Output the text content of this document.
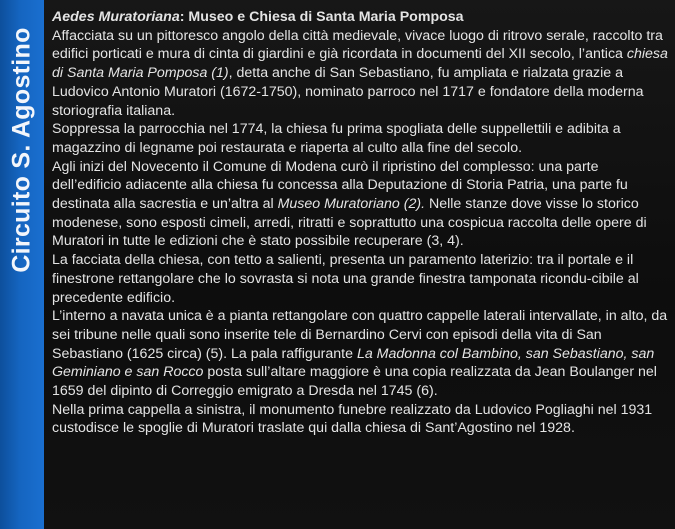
Circuito S. Agostino

Aedes Muratoriana: Museo e Chiesa di Santa Maria Pomposa

Affacciata su un pittoresco angolo della città medievale, vivace luogo di ritrovo serale, raccolto tra edifici porticati e mura di cinta di giardini e già ricordata in documenti del XII secolo, l’antica chiesa di Santa Maria Pomposa (1), detta anche di San Sebastiano, fu ampliata e rialzata grazie a Ludovico Antonio Muratori (1672-1750), nominato parroco nel 1717 e fondatore della moderna storiografia italiana.

Soppressa la parrocchia nel 1774, la chiesa fu prima spogliata delle suppellettili e adibita a magazzino di legname poi restaurata e riaperta al culto alla fine del secolo.

Agli inizi del Novecento il Comune di Modena curò il ripristino del complesso: una parte dell’edificio adiacente alla chiesa fu concessa alla Deputazione di Storia Patria, una parte fu destinata alla sacrestia e un’altra al Museo Muratoriano (2). Nelle stanze dove visse lo storico modenese, sono esposti cimeli, arredi, ritratti e soprattutto una cospicua raccolta delle opere di Muratori in tutte le edizioni che è stato possibile recuperare (3, 4).

La facciata della chiesa, con tetto a salienti, presenta un paramento laterizio: tra il portale e il finestrone rettangolare che lo sovrasta si nota una grande finestra tamponata ricondu-cibile al precedente edificio.

L’interno a navata unica è a pianta rettangolare con quattro cappelle laterali intervallate, in alto, da sei tribune nelle quali sono inserite tele di Bernardino Cervi con episodi della vita di San Sebastiano (1625 circa) (5). La pala raffigurante La Madonna col Bambino, san Sebastiano, san Geminiano e san Rocco posta sull’altare maggiore è una copia realizzata da Jean Boulanger nel 1659 del dipinto di Correggio emigrato a Dresda nel 1745 (6).

Nella prima cappella a sinistra, il monumento funebre realizzato da Ludovico Pogliaghi nel 1931 custodisce le spoglie di Muratori traslate qui dalla chiesa di Sant’Agostino nel 1928.
